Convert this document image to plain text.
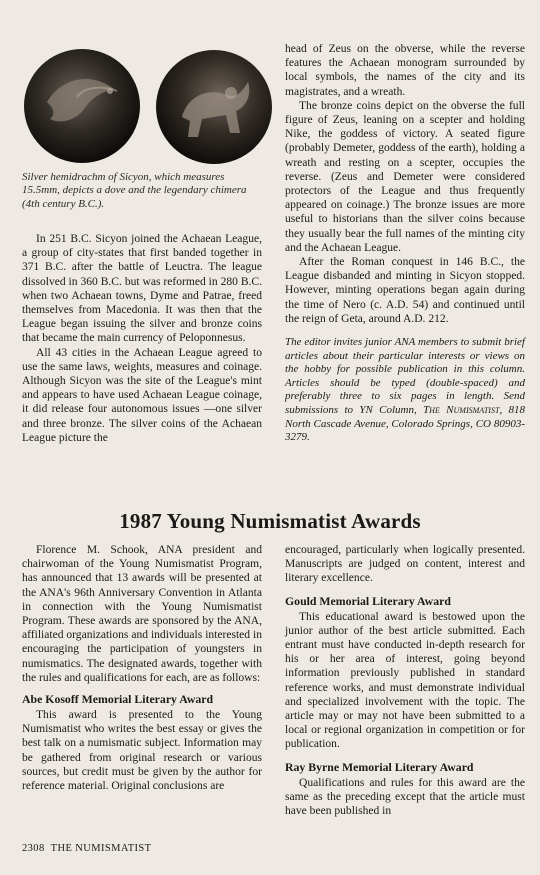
Silver hemidrachm of Sicyon, which measures 15.5mm, depicts a dove and the legendary chimera (4th century B.C.).

In 251 B.C. Sicyon joined the Achaean League, a group of city-states that first banded together in 371 B.C. after the battle of Leuctra. The league dissolved in 360 B.C. but was reformed in 280 B.C. when two Achaean towns, Dyme and Patrae, freed themselves from Macedonia. It was then that the League began issuing the silver and bronze coins that became the main currency of Peloponnesus.

All 43 cities in the Achaean League agreed to use the same laws, weights, measures and coinage. Although Sicyon was the site of the League's mint and appears to have used Achaean League coinage, it did release four autonomous issues —one silver and three bronze. The silver coins of the Achaean League picture the

head of Zeus on the obverse, while the reverse features the Achaean monogram surrounded by local symbols, the names of the city and its magistrates, and a wreath.

The bronze coins depict on the obverse the full figure of Zeus, leaning on a scepter and holding Nike, the goddess of victory. A seated figure (probably Demeter, goddess of the earth), holding a wreath and resting on a scepter, occupies the reverse. (Zeus and Demeter were considered protectors of the League and thus frequently appeared on coinage.) The bronze issues are more useful to historians than the silver coins because they usually bear the full names of the minting city and the Achaean League.

After the Roman conquest in 146 B.C., the League disbanded and minting in Sicyon stopped. However, minting operations began again during the time of Nero (c. A.D. 54) and continued until the reign of Geta, around A.D. 212.

The editor invites junior ANA members to submit brief articles about their particular interests or views on the hobby for possible publication in this column. Articles should be typed (double-spaced) and preferably three to six pages in length. Send submissions to YN Column, The Numismatist, 818 North Cascade Avenue, Colorado Springs, CO 80903-3279.

1987 Young Numismatist Awards

Florence M. Schook, ANA president and chairwoman of the Young Numismatist Program, has announced that 13 awards will be presented at the ANA's 96th Anniversary Convention in Atlanta in connection with the Young Numismatist Program. These awards are sponsored by the ANA, affiliated organizations and individuals interested in encouraging the participation of youngsters in numismatics. The designated awards, together with the rules and qualifications for each, are as follows:

Abe Kosoff Memorial Literary Award

This award is presented to the Young Numismatist who writes the best essay or gives the best talk on a numismatic subject. Information may be gathered from original research or various sources, but credit must be given by the author for reference material. Original conclusions are

encouraged, particularly when logically presented. Manuscripts are judged on content, interest and literary excellence.

Gould Memorial Literary Award

This educational award is bestowed upon the junior author of the best article submitted. Each entrant must have conducted in-depth research for his or her area of interest, going beyond information previously published in standard reference works, and must demonstrate individual and specialized involvement with the topic. The article may or may not have been submitted to a local or regional organization in competition or for publication.

Ray Byrne Memorial Literary Award

Qualifications and rules for this award are the same as the preceding except that the article must have been published in

2308 THE NUMISMATIST
